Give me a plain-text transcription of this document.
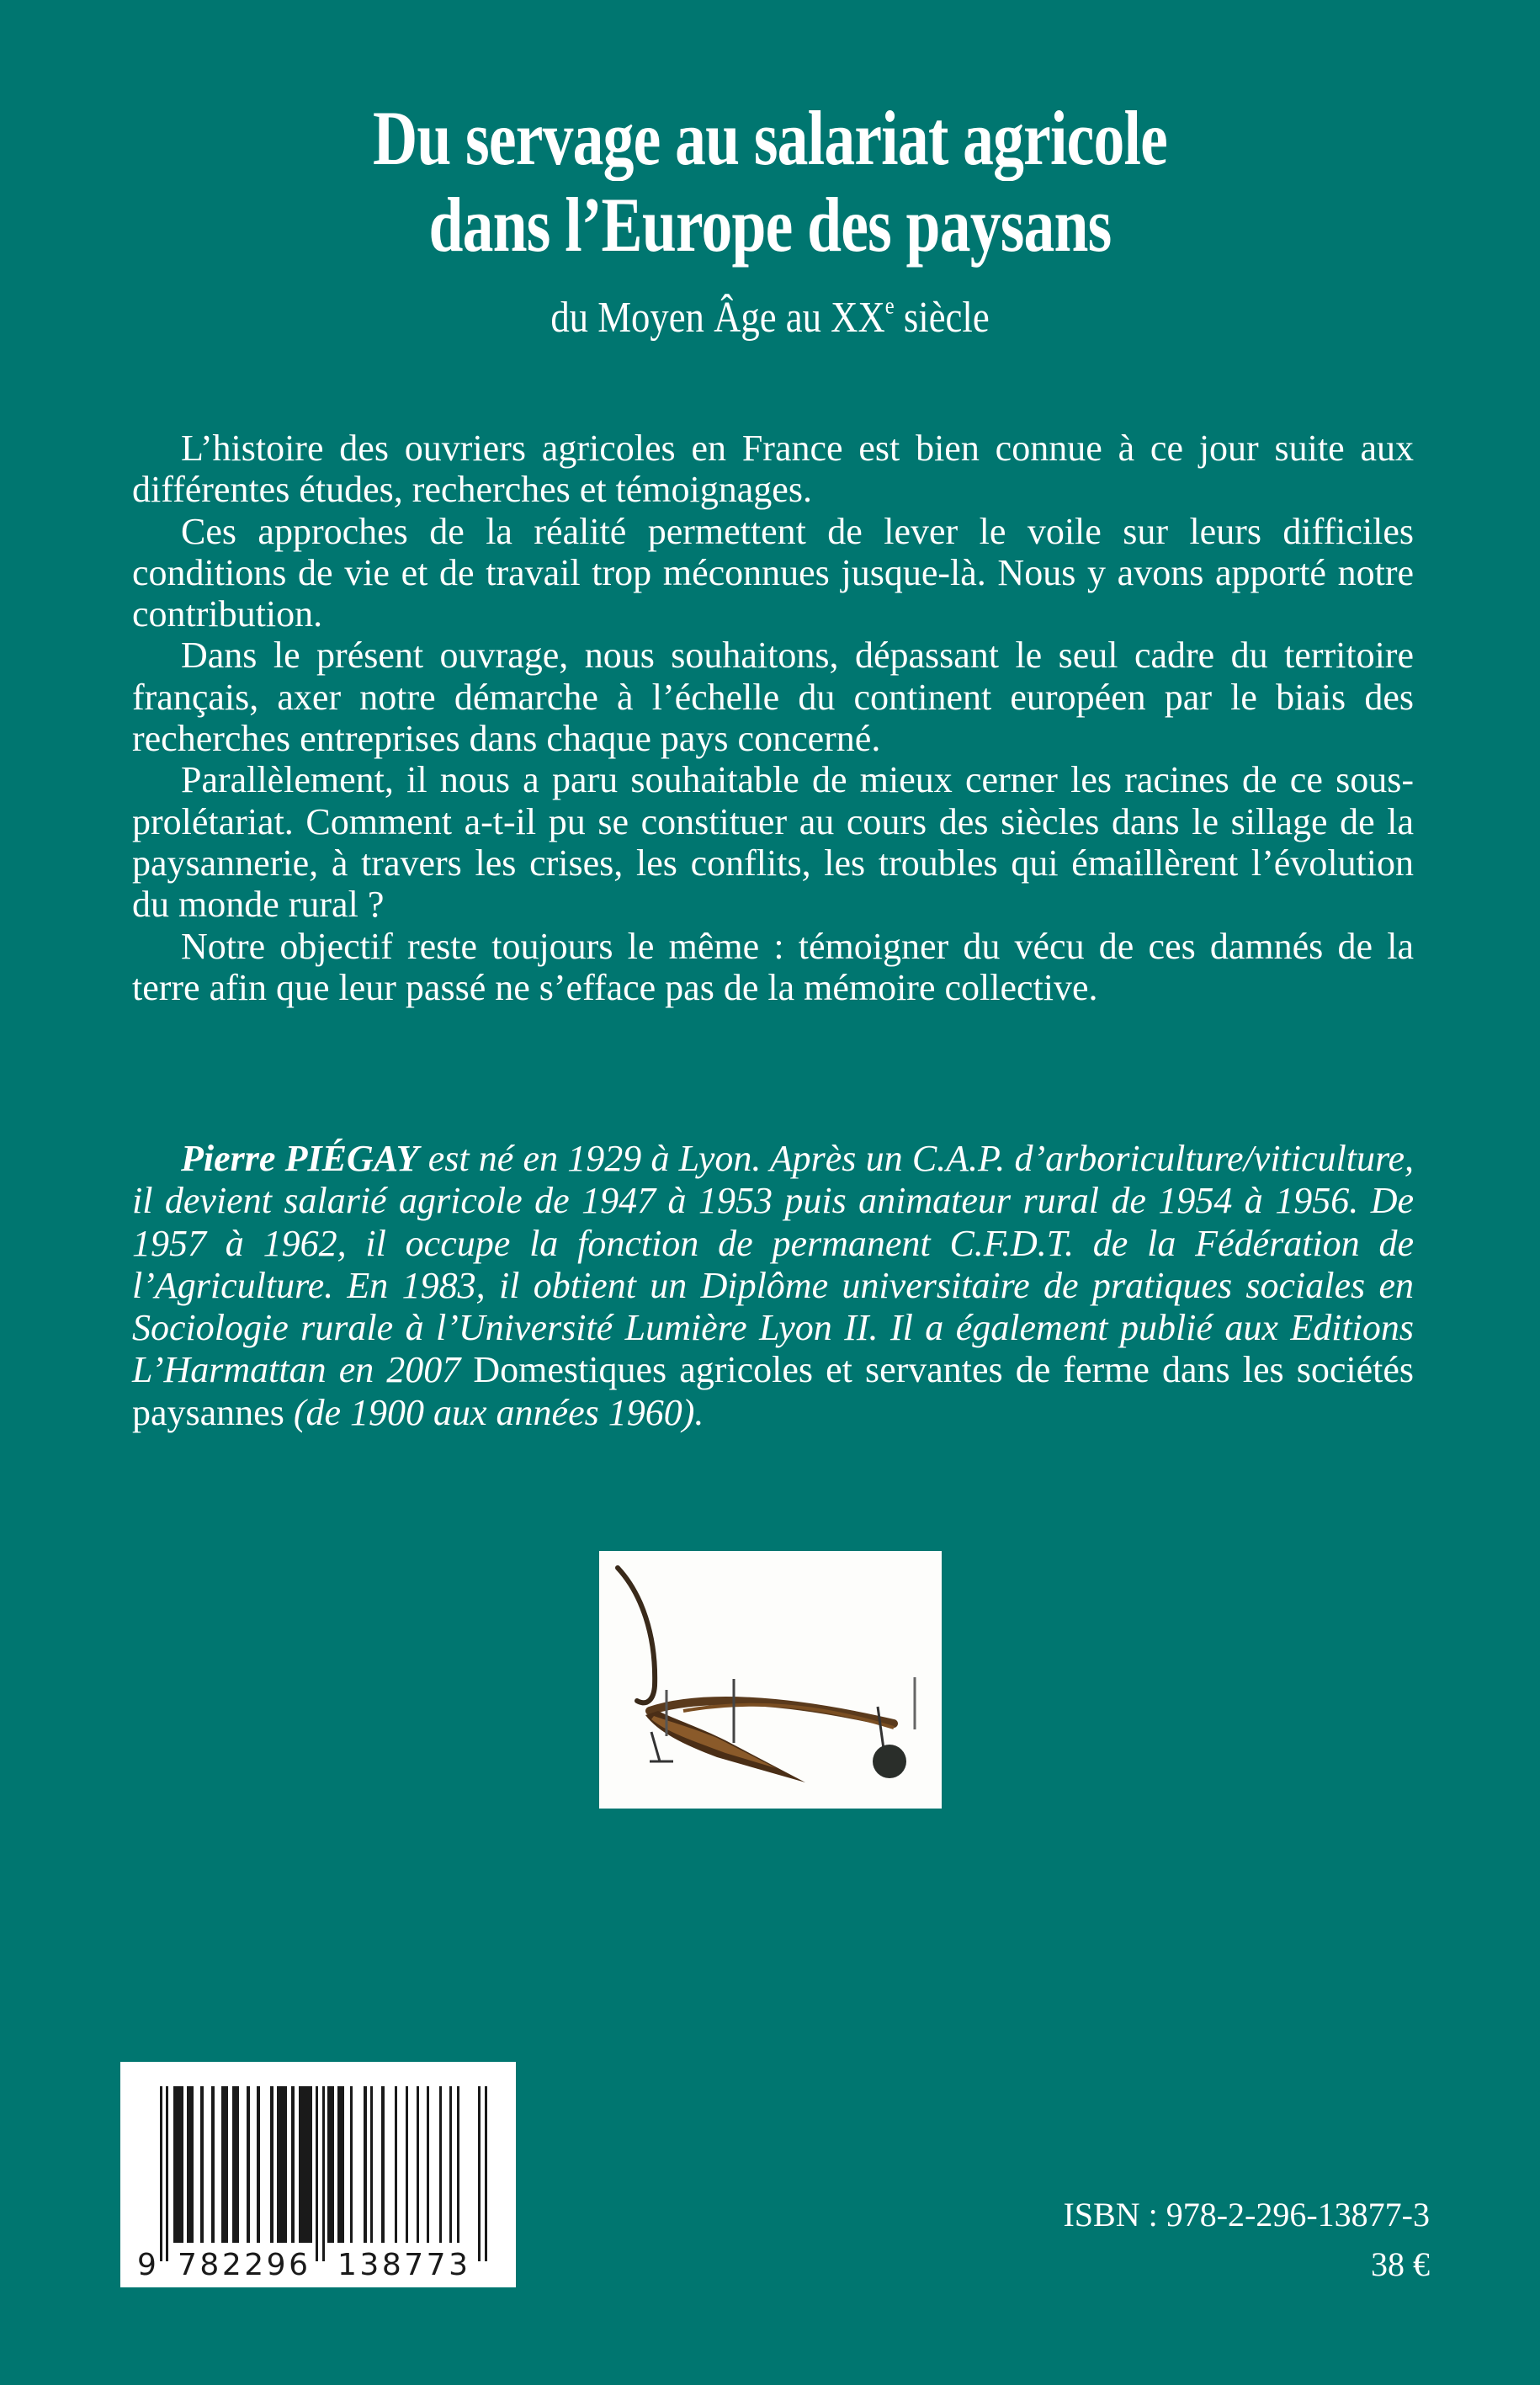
Du servage au salariat agricole
dans l’Europe des paysans
du Moyen Âge au XXe siècle

L’histoire des ouvriers agricoles en France est bien connue à ce jour suite aux différentes études, recherches et témoignages.

Ces approches de la réalité permettent de lever le voile sur leurs difficiles conditions de vie et de travail trop méconnues jusque-là. Nous y avons apporté notre contribution.

Dans le présent ouvrage, nous souhaitons, dépassant le seul cadre du territoire français, axer notre démarche à l’échelle du continent européen par le biais des recherches entreprises dans chaque pays concerné.

Parallèlement, il nous a paru souhaitable de mieux cerner les racines de ce sous-prolétariat. Comment a-t-il pu se constituer au cours des siècles dans le sillage de la paysannerie, à travers les crises, les conflits, les troubles qui émaillèrent l’évolution du monde rural ?

Notre objectif reste toujours le même : témoigner du vécu de ces damnés de la terre afin que leur passé ne s’efface pas de la mémoire collective.

Pierre PIÉGAY est né en 1929 à Lyon. Après un C.A.P. d’arboriculture/viticulture, il devient salarié agricole de 1947 à 1953 puis animateur rural de 1954 à 1956. De 1957 à 1962, il occupe la fonction de permanent C.F.D.T. de la Fédération de l’Agriculture. En 1983, il obtient un Diplôme universitaire de pratiques sociales en Sociologie rurale à l’Université Lumière Lyon II. Il a également publié aux Editions L’Harmattan en 2007 Domestiques agricoles et servantes de ferme dans les sociétés paysannes (de 1900 aux années 1960).

9 782296 138773
ISBN : 978-2-296-13877-3
38 €
